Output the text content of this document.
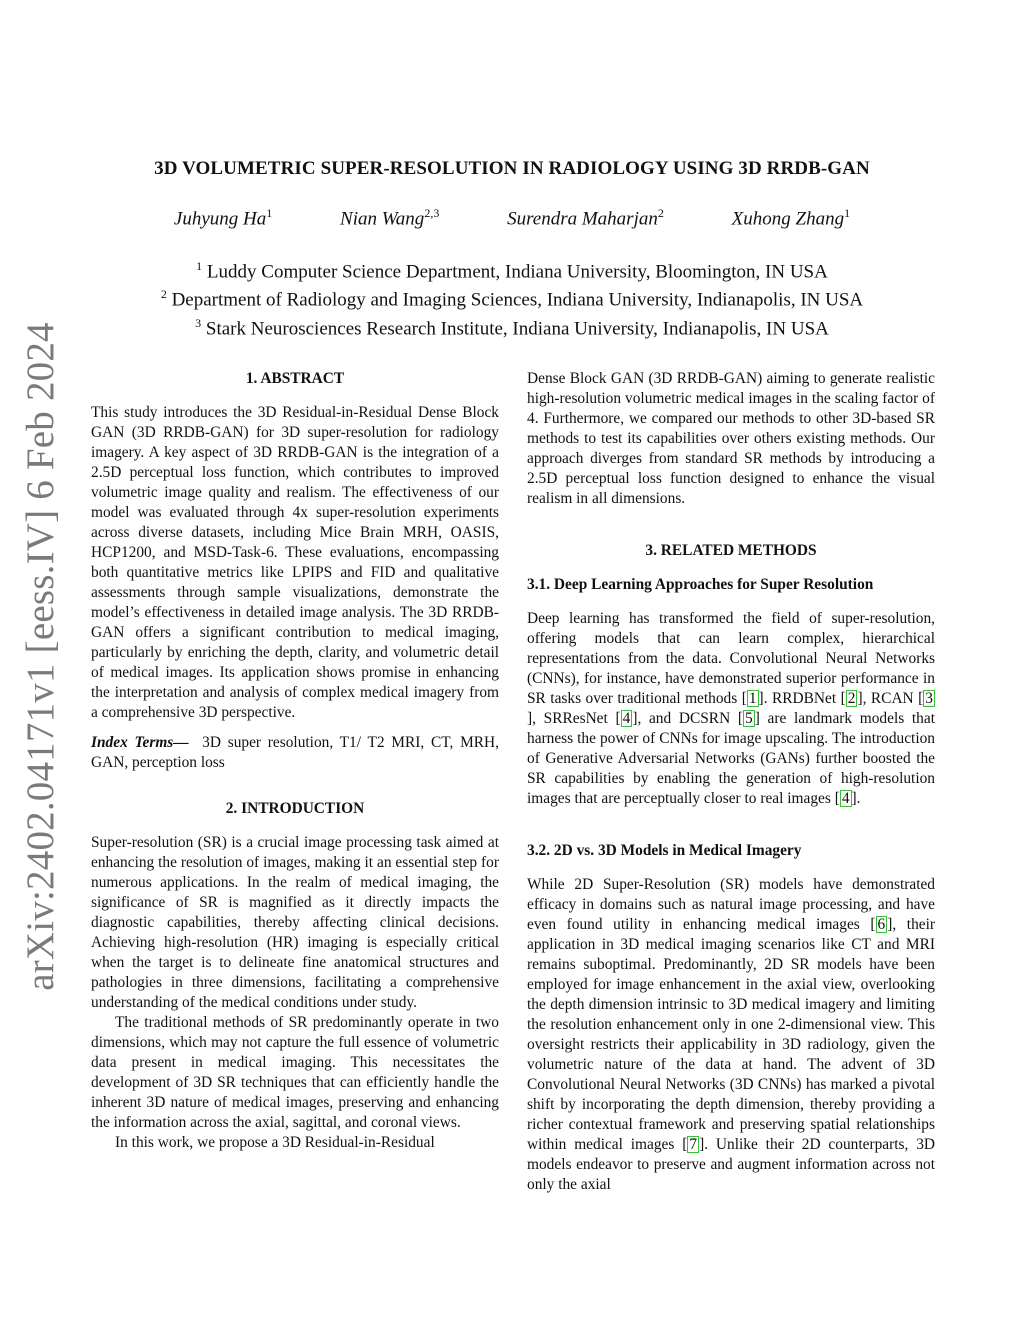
arXiv:2402.04171v1 [eess.IV] 6 Feb 2024
3D VOLUMETRIC SUPER-RESOLUTION IN RADIOLOGY USING 3D RRDB-GAN
Juhyung Ha$^1$	Nian Wang$^{2,3}$	Surendra Maharjan$^2$	Xuhong Zhang$^1$
$^1$ Luddy Computer Science Department, Indiana University, Bloomington, IN USA
$^2$ Department of Radiology and Imaging Sciences, Indiana University, Indianapolis, IN USA
$^3$ Stark Neurosciences Research Institute, Indiana University, Indianapolis, IN USA
1. ABSTRACT

This study introduces the 3D Residual-in-Residual Dense Block GAN (3D RRDB-GAN) for 3D super-resolution for radiology imagery. A key aspect of 3D RRDB-GAN is the integration of a 2.5D perceptual loss function, which contributes to improved volumetric image quality and realism. The effectiveness of our model was evaluated through 4x super-resolution experiments across diverse datasets, including Mice Brain MRH, OASIS, HCP1200, and MSD-Task-6. These evaluations, encompassing both quantitative metrics like LPIPS and FID and qualitative assessments through sample visualizations, demonstrate the model’s effectiveness in detailed image analysis. The 3D RRDB-GAN offers a significant contribution to medical imaging, particularly by enriching the depth, clarity, and volumetric detail of medical images. Its application shows promise in enhancing the interpretation and analysis of complex medical imagery from a comprehensive 3D perspective.

Index Terms— 3D super resolution, T1/ T2 MRI, CT, MRH, GAN, perception loss

2. INTRODUCTION

Super-resolution (SR) is a crucial image processing task aimed at enhancing the resolution of images, making it an essential step for numerous applications. In the realm of medical imaging, the significance of SR is magnified as it directly impacts the diagnostic capabilities, thereby affecting clinical decisions. Achieving high-resolution (HR) imaging is especially critical when the target is to delineate fine anatomical structures and pathologies in three dimensions, facilitating a comprehensive understanding of the medical conditions under study.

The traditional methods of SR predominantly operate in two dimensions, which may not capture the full essence of volumetric data present in medical imaging. This necessitates the development of 3D SR techniques that can efficiently handle the inherent 3D nature of medical images, preserving and enhancing the information across the axial, sagittal, and coronal views.

In this work, we propose a 3D Residual-in-Residual

Dense Block GAN (3D RRDB-GAN) aiming to generate realistic high-resolution volumetric medical images in the scaling factor of 4. Furthermore, we compared our methods to other 3D-based SR methods to test its capabilities over others existing methods. Our approach diverges from standard SR methods by introducing a 2.5D perceptual loss function designed to enhance the visual realism in all dimensions.

3. RELATED METHODS
3.1. Deep Learning Approaches for Super Resolution

Deep learning has transformed the field of super-resolution, offering models that can learn complex, hierarchical representations from the data. Convolutional Neural Networks (CNNs), for instance, have demonstrated superior performance in SR tasks over traditional methods [ 1 ]. RRDBNet [ 2 ], RCAN [ 3], SRResNet [ 4 ], and DCSRN [ 5 ] are landmark models that harness the power of CNNs for image upscaling. The introduction of Generative Adversarial Networks (GANs) further boosted the SR capabilities by enabling the generation of high-resolution images that are perceptually closer to real images [ 4 ].

3.2. 2D vs. 3D Models in Medical Imagery

While 2D Super-Resolution (SR) models have demonstrated efficacy in domains such as natural image processing, and have even found utility in enhancing medical images [ 6 ], their application in 3D medical imaging scenarios like CT and MRI remains suboptimal. Predominantly, 2D SR models have been employed for image enhancement in the axial view, overlooking the depth dimension intrinsic to 3D medical imagery and limiting the resolution enhancement only in one 2-dimensional view. This oversight restricts their applicability in 3D radiology, given the volumetric nature of the data at hand. The advent of 3D Convolutional Neural Networks (3D CNNs) has marked a pivotal shift by incorporating the depth dimension, thereby providing a richer contextual framework and preserving spatial relationships within medical images [ 7 ]. Unlike their 2D counterparts, 3D models endeavor to preserve and augment information across not only the axial
